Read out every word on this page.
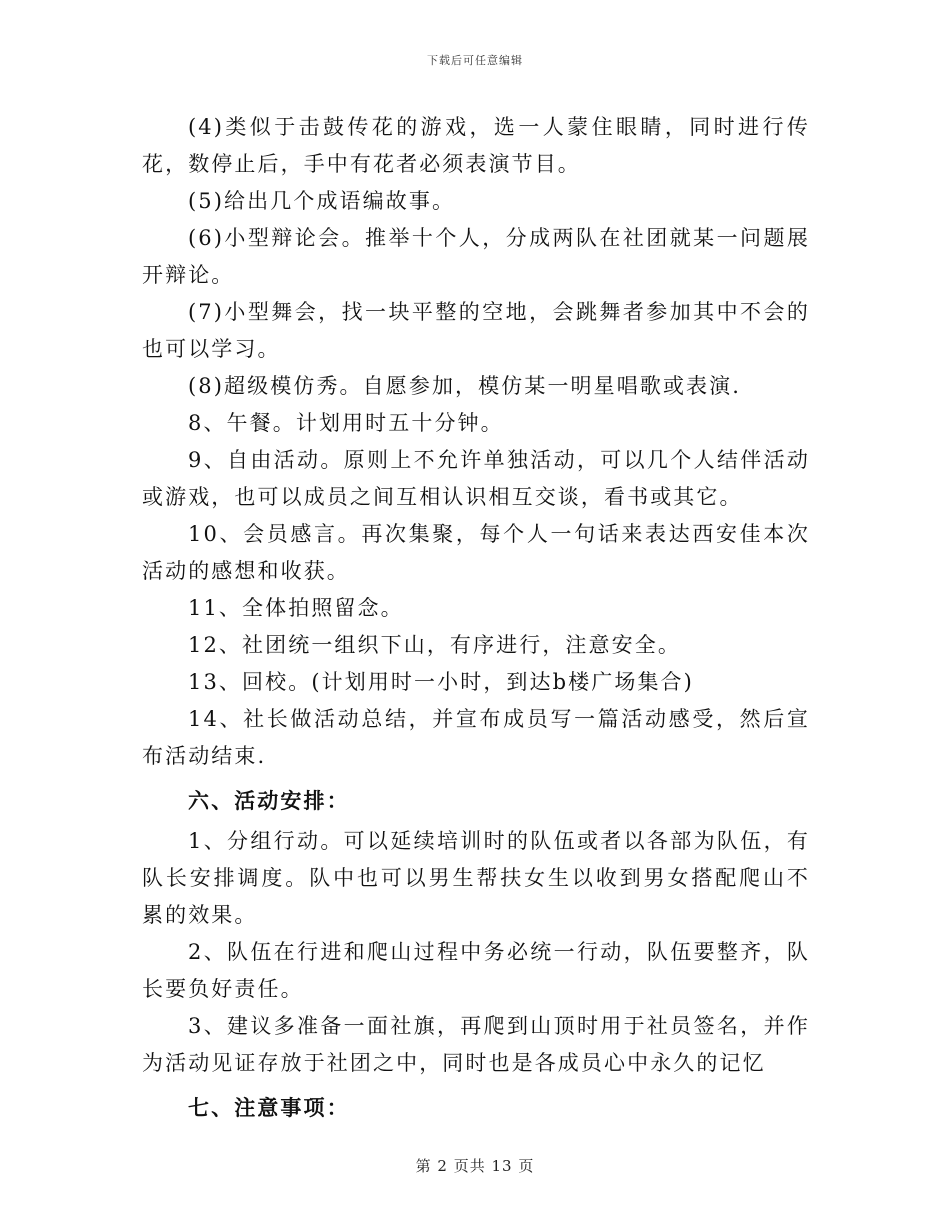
下载后可任意编辑

(4)类似于击鼓传花的游戏，选一人蒙住眼睛，同时进行传花，数停止后，手中有花者必须表演节目。

(5)给出几个成语编故事。

(6)小型辩论会。推举十个人，分成两队在社团就某一问题展开辩论。

(7)小型舞会，找一块平整的空地，会跳舞者参加其中不会的也可以学习。

(8)超级模仿秀。自愿参加，模仿某一明星唱歌或表演.

8、午餐。计划用时五十分钟。

9、自由活动。原则上不允许单独活动，可以几个人结伴活动或游戏，也可以成员之间互相认识相互交谈，看书或其它。

10、会员感言。再次集聚，每个人一句话来表达西安佳本次活动的感想和收获。

11、全体拍照留念。

12、社团统一组织下山，有序进行，注意安全。

13、回校。(计划用时一小时，到达b楼广场集合)

14、社长做活动总结，并宣布成员写一篇活动感受，然后宣布活动结束.

六、活动安排：

1、分组行动。可以延续培训时的队伍或者以各部为队伍，有队长安排调度。队中也可以男生帮扶女生以收到男女搭配爬山不累的效果。

2、队伍在行进和爬山过程中务必统一行动，队伍要整齐，队长要负好责任。

3、建议多准备一面社旗，再爬到山顶时用于社员签名，并作为活动见证存放于社团之中，同时也是各成员心中永久的记忆

七、注意事项：

第 2 页共 13 页
